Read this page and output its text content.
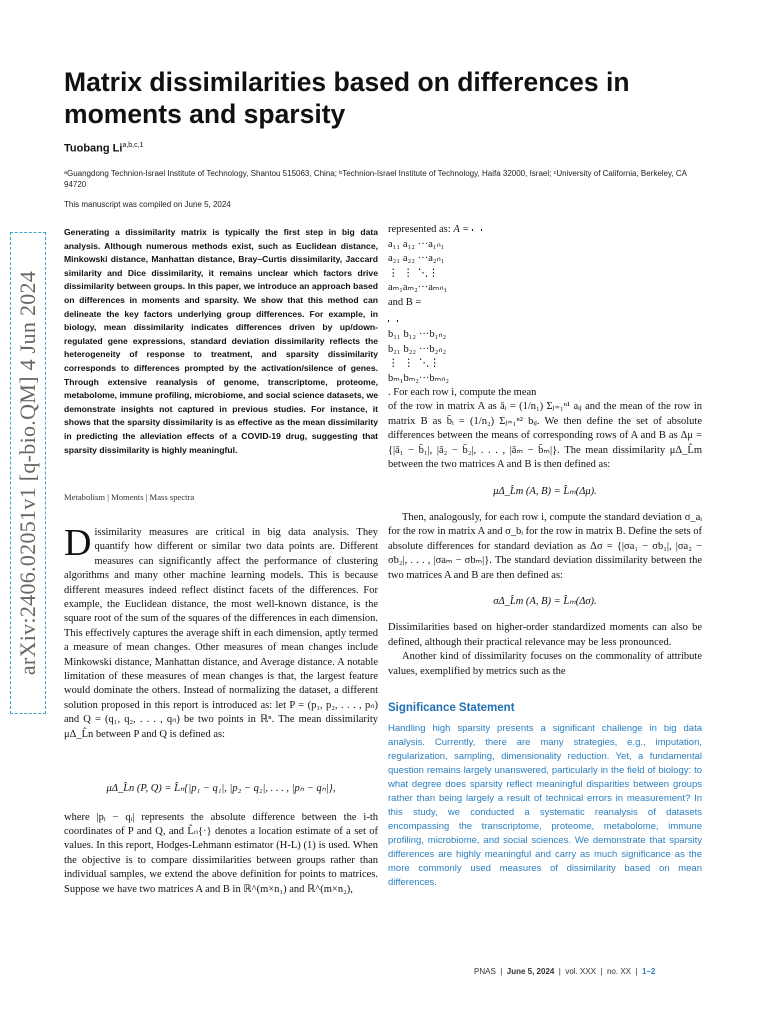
arXiv:2406.02051v1 [q-bio.QM] 4 Jun 2024
Matrix dissimilarities based on differences in moments and sparsity
Tuobang Li$^{a,b,c,1}$
ᵃGuangdong Technion-Israel Institute of Technology, Shantou 515063, China; ᵇTechnion-Israel Institute of Technology, Haifa 32000, Israel; ᶜUniversity of California, Berkeley, CA 94720
This manuscript was compiled on June 5, 2024
Generating a dissimilarity matrix is typically the first step in big data analysis. Although numerous methods exist, such as Euclidean distance, Minkowski distance, Manhattan distance, Bray–Curtis dissimilarity, Jaccard similarity and Dice dissimilarity, it remains unclear which factors drive dissimilarity between groups. In this paper, we introduce an approach based on differences in moments and sparsity. We show that this method can delineate the key factors underlying group differences. For example, in biology, mean dissimilarity indicates differences driven by up/down-regulated gene expressions, standard deviation dissimilarity reflects the heterogeneity of response to treatment, and sparsity dissimilarity corresponds to differences prompted by the activation/silence of genes. Through extensive reanalysis of genome, transcriptome, proteome, metabolome, immune profiling, microbiome, and social science datasets, we demonstrate insights not captured in previous studies. For instance, it shows that the sparsity dissimilarity is as effective as the mean dissimilarity in predicting the alleviation effects of a COVID-19 drug, suggesting that sparsity dissimilarity is highly meaningful.
Metabolism | Moments | Mass spectra

Dissimilarity measures are critical in big data analysis. They quantify how different or similar two data points are. Different measures can significantly affect the performance of clustering algorithms and many other machine learning models. This is because different measures indeed reflect distinct facets of the differences. For example, the Euclidean distance, the most well-known distance, is the square root of the sum of the squares of the differences in each dimension. This effectively captures the average shift in each dimension, aptly termed a measure of mean changes. Other measures of mean changes include Minkowski distance, Manhattan distance, and Average distance. A notable limitation of these measures of mean changes is that, the largest feature would dominate the others. Instead of normalizing the dataset, a different solution proposed in this report is introduced as: let P = (p₁, p₂, . . . , pₙ) and Q = (q₁, q₂, . . . , qₙ) be two points in ℝⁿ. The mean dissimilarity μΔ_L̂n between P and Q is defined as:

μΔ_L̂n (P, Q) = L̂ₙ{|p₁ − q₁|, |p₂ − q₂|, . . . , |pₙ − qₙ|},

where |pᵢ − qᵢ| represents the absolute difference between the i-th coordinates of P and Q, and L̂ₙ{·} denotes a location estimate of a set of values. In this report, Hodges-Lehmann estimator (H-L) (1) is used. When the objective is to compare dissimilarities between groups rather than individual samples, we extend the above definition for points to matrices. Suppose we have two matrices A and B in ℝ^(m×n₁) and ℝ^(m×n₂),

represented as: A =

a₁₁	a₁₂	···	a₁ₙ₁
a₂₁	a₂₂	···	a₂ₙ₁
⋮	⋮	⋱	⋮
aₘ₁	aₘ₂	···	aₘₙ₁
and B =

b₁₁	b₁₂	···	b₁ₙ₂
b₂₁	b₂₂	···	b₂ₙ₂
⋮	⋮	⋱	⋮
bₘ₁	bₘ₂	···	bₘₙ₂
. For each row i, compute the mean

of the row in matrix A as āᵢ = (1/n₁) Σⱼ₌₁ⁿ¹ aᵢⱼ and the mean of the row in matrix B as b̄ᵢ = (1/n₂) Σⱼ₌₁ⁿ² bᵢⱼ. We then define the set of absolute differences between the means of corresponding rows of A and B as Δμ = {|ā₁ − b̄₁|, |ā₂ − b̄₂|, . . . , |āₘ − b̄ₘ|}. The mean dissimilarity μΔ_L̂m between the two matrices A and B is then defined as:

μΔ_L̂m (A, B) = L̂ₘ(Δμ).

Then, analogously, for each row i, compute the standard deviation σ_aᵢ for the row in matrix A and σ_bᵢ for the row in matrix B. Define the sets of absolute differences for standard deviation as Δσ = {|σa₁ − σb₁|, |σa₂ − σb₂|, . . . , |σaₘ − σbₘ|}. The standard deviation dissimilarity between the two matrices A and B are then defined as:

σΔ_L̂m (A, B) = L̂ₘ(Δσ).

Dissimilarities based on higher-order standardized moments can also be defined, although their practical relevance may be less pronounced.

Another kind of dissimilarity focuses on the commonality of attribute values, exemplified by metrics such as the

Significance Statement
Handling high sparsity presents a significant challenge in big data analysis. Currently, there are many strategies, e.g., imputation, regularization, sampling, dimensionality reduction. Yet, a fundamental question remains largely unanswered, particularly in the field of biology: to what degree does sparsity reflect meaningful disparities between groups rather than being largely a result of technical errors in measurement? In this study, we conducted a systematic reanalysis of datasets encompassing the transcriptome, proteome, metabolome, immune profiling, microbiome, and social sciences. We demonstrate that sparsity differences are highly meaningful and carry as much significance as the more commonly used measures of dissimilarity based on mean differences.
PNAS  |  June 5, 2024  |  vol. XXX  |  no. XX  |  1–2
